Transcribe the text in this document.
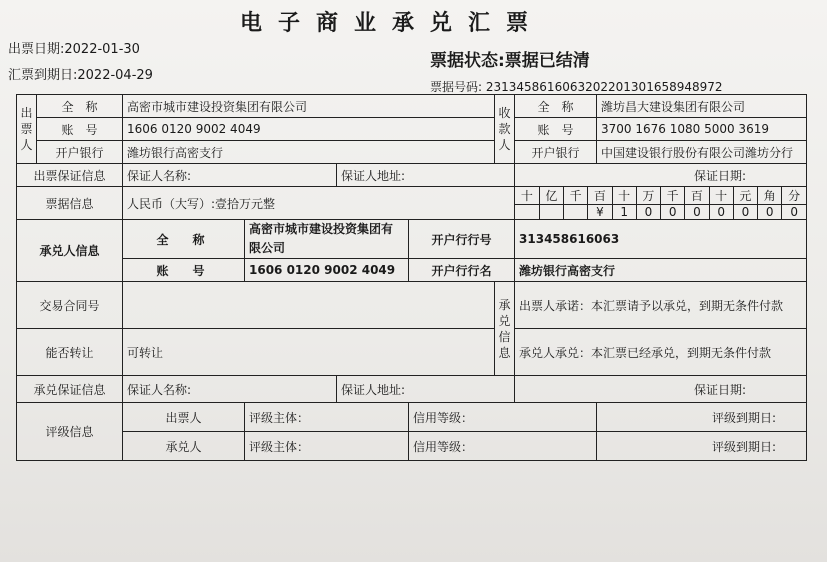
电子商业承兑汇票
出票日期:2022-01-30
汇票到期日:2022-04-29
票据状态:票据已结清
票据号码: 2313458616063202201301658948972
出票人	全　称	高密市城市建设投资集团有限公司	收款人	全　称	潍坊昌大建设集团有限公司
账　号	1606 0120 9002 4049	账　号	3700 1676 1080 5000 3619
开户银行	潍坊银行高密支行	开户银行	中国建设银行股份有限公司潍坊分行
出票保证信息	保证人名称:	保证人地址:	保证日期:
票据信息	人民币（大写）:壹拾万元整	
十	亿	千	百	十	万	千	百	十	元	角	分
			¥	1	0	0	0	0	0	0	0

承兑人信息	全　称	高密市城市建设投资集团有限公司	开户行行号	313458616063
账　号	1606 0120 9002 4049	开户行行名	潍坊银行高密支行
交易合同号		承兑信息	出票人承诺：本汇票请予以承兑，到期无条件付款
能否转让	可转让	承兑人承兑：本汇票已经承兑，到期无条件付款
承兑保证信息	保证人名称:	保证人地址:	保证日期:
评级信息	出票人	评级主体：	信用等级：	评级到期日:
承兑人	评级主体：	信用等级：	评级到期日:
